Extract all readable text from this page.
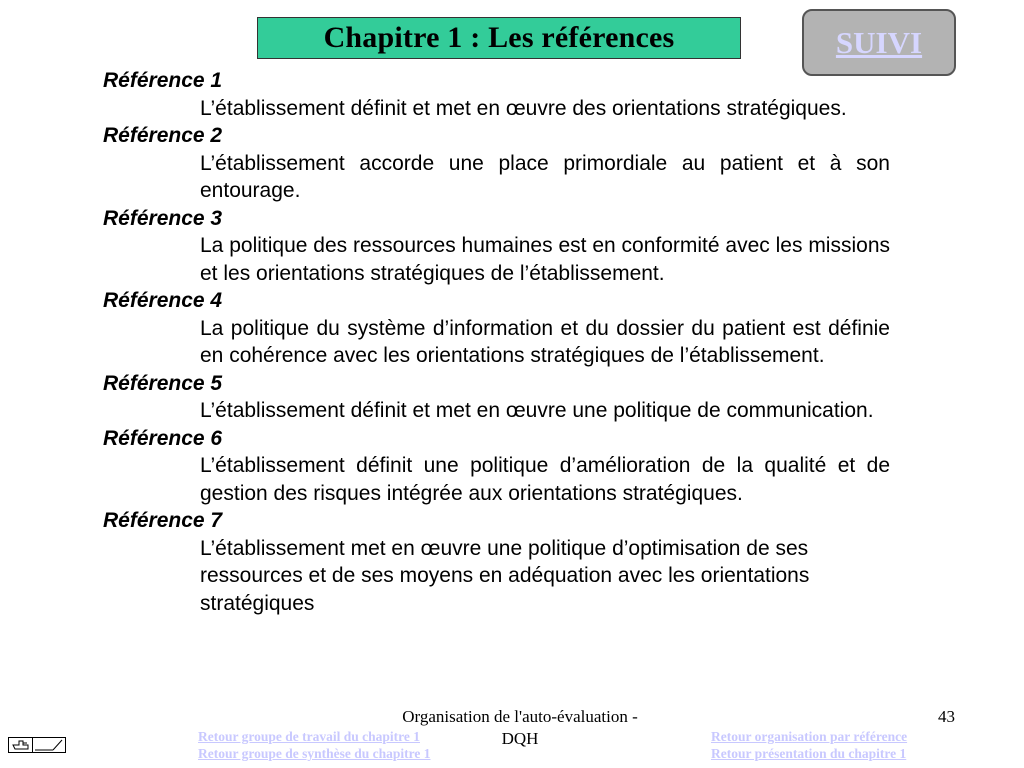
Chapitre 1 : Les références	SUIVI
Référence 1
L’établissement définit et met en œuvre des orientations stratégiques.
Référence 2
L’établissement accorde une place primordiale au patient et à son entourage.
Référence 3
La politique des ressources humaines est en conformité avec les missions et les orientations stratégiques de l’établissement.
Référence 4
La politique du système d’information et du dossier du patient est définie en cohérence avec les orientations stratégiques de l’établissement.
Référence 5
L’établissement définit et met en œuvre une politique de communication.
Référence 6
L’établissement définit une politique d’amélioration de la qualité et de gestion des risques intégrée aux orientations stratégiques.
Référence 7
L’établissement met en œuvre une politique d’optimisation de ses ressources et de ses moyens en adéquation avec les orientations stratégiques
Organisation de l'auto-évaluation -
DQH
43
Retour groupe de travail du chapitre 1
Retour groupe de synthèse du chapitre 1
Retour organisation par référence
Retour présentation du chapitre 1
